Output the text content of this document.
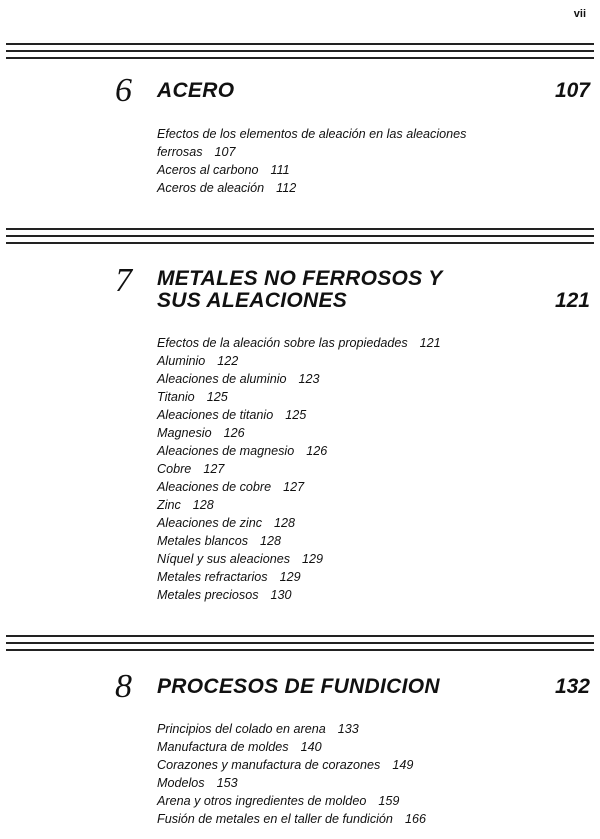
vii
6 ACERO	107
Efectos de los elementos de aleación en las aleaciones ferrosas 107
Aceros al carbono 111
Aceros de aleación 112
7 METALES NO FERROSOS Y
SUS ALEACIONES	121
Efectos de la aleación sobre las propiedades 121
Aluminio 122
Aleaciones de aluminio 123
Titanio 125
Aleaciones de titanio 125
Magnesio 126
Aleaciones de magnesio 126
Cobre 127
Aleaciones de cobre 127
Zinc 128
Aleaciones de zinc 128
Metales blancos 128
Níquel y sus aleaciones 129
Metales refractarios 129
Metales preciosos 130
8 PROCESOS DE FUNDICION	132
Principios del colado en arena 133
Manufactura de moldes 140
Corazones y manufactura de corazones 149
Modelos 153
Arena y otros ingredientes de moldeo 159
Fusión de metales en el taller de fundición 166
